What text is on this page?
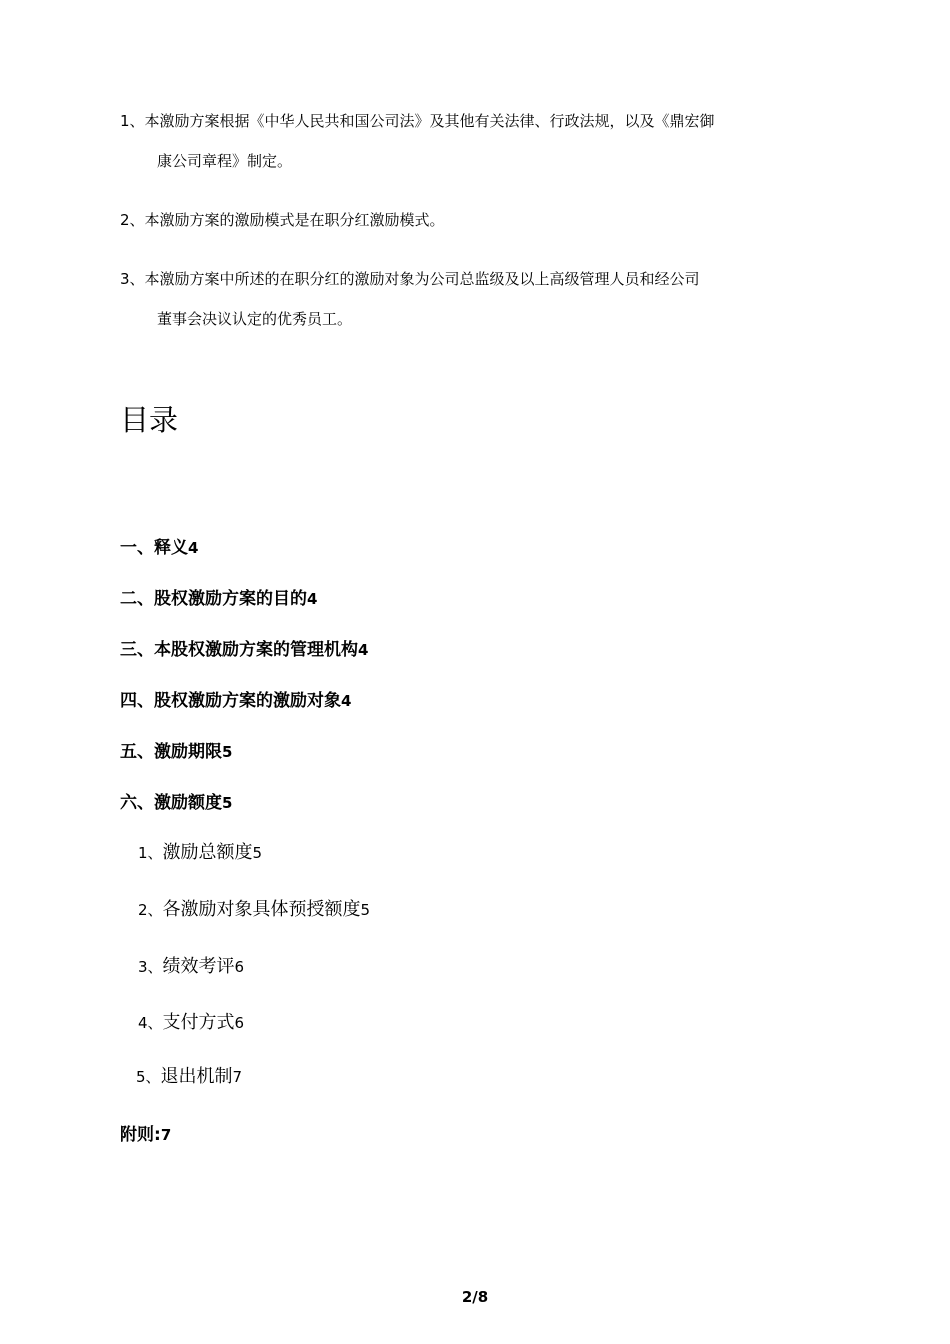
1、本激励方案根据《中华人民共和国公司法》及其他有关法律、行政法规，以及《鼎宏御
康公司章程》制定。
2、本激励方案的激励模式是在职分红激励模式。
3、本激励方案中所述的在职分红的激励对象为公司总监级及以上高级管理人员和经公司
董事会决议认定的优秀员工。
目录
一、释义4
二、股权激励方案的目的4
三、本股权激励方案的管理机构4
四、股权激励方案的激励对象4
五、激励期限5
六、激励额度5
1、激励总额度5
2、各激励对象具体预授额度5
3、绩效考评6
4、支付方式6
5、退出机制7
附则:7
2/8
